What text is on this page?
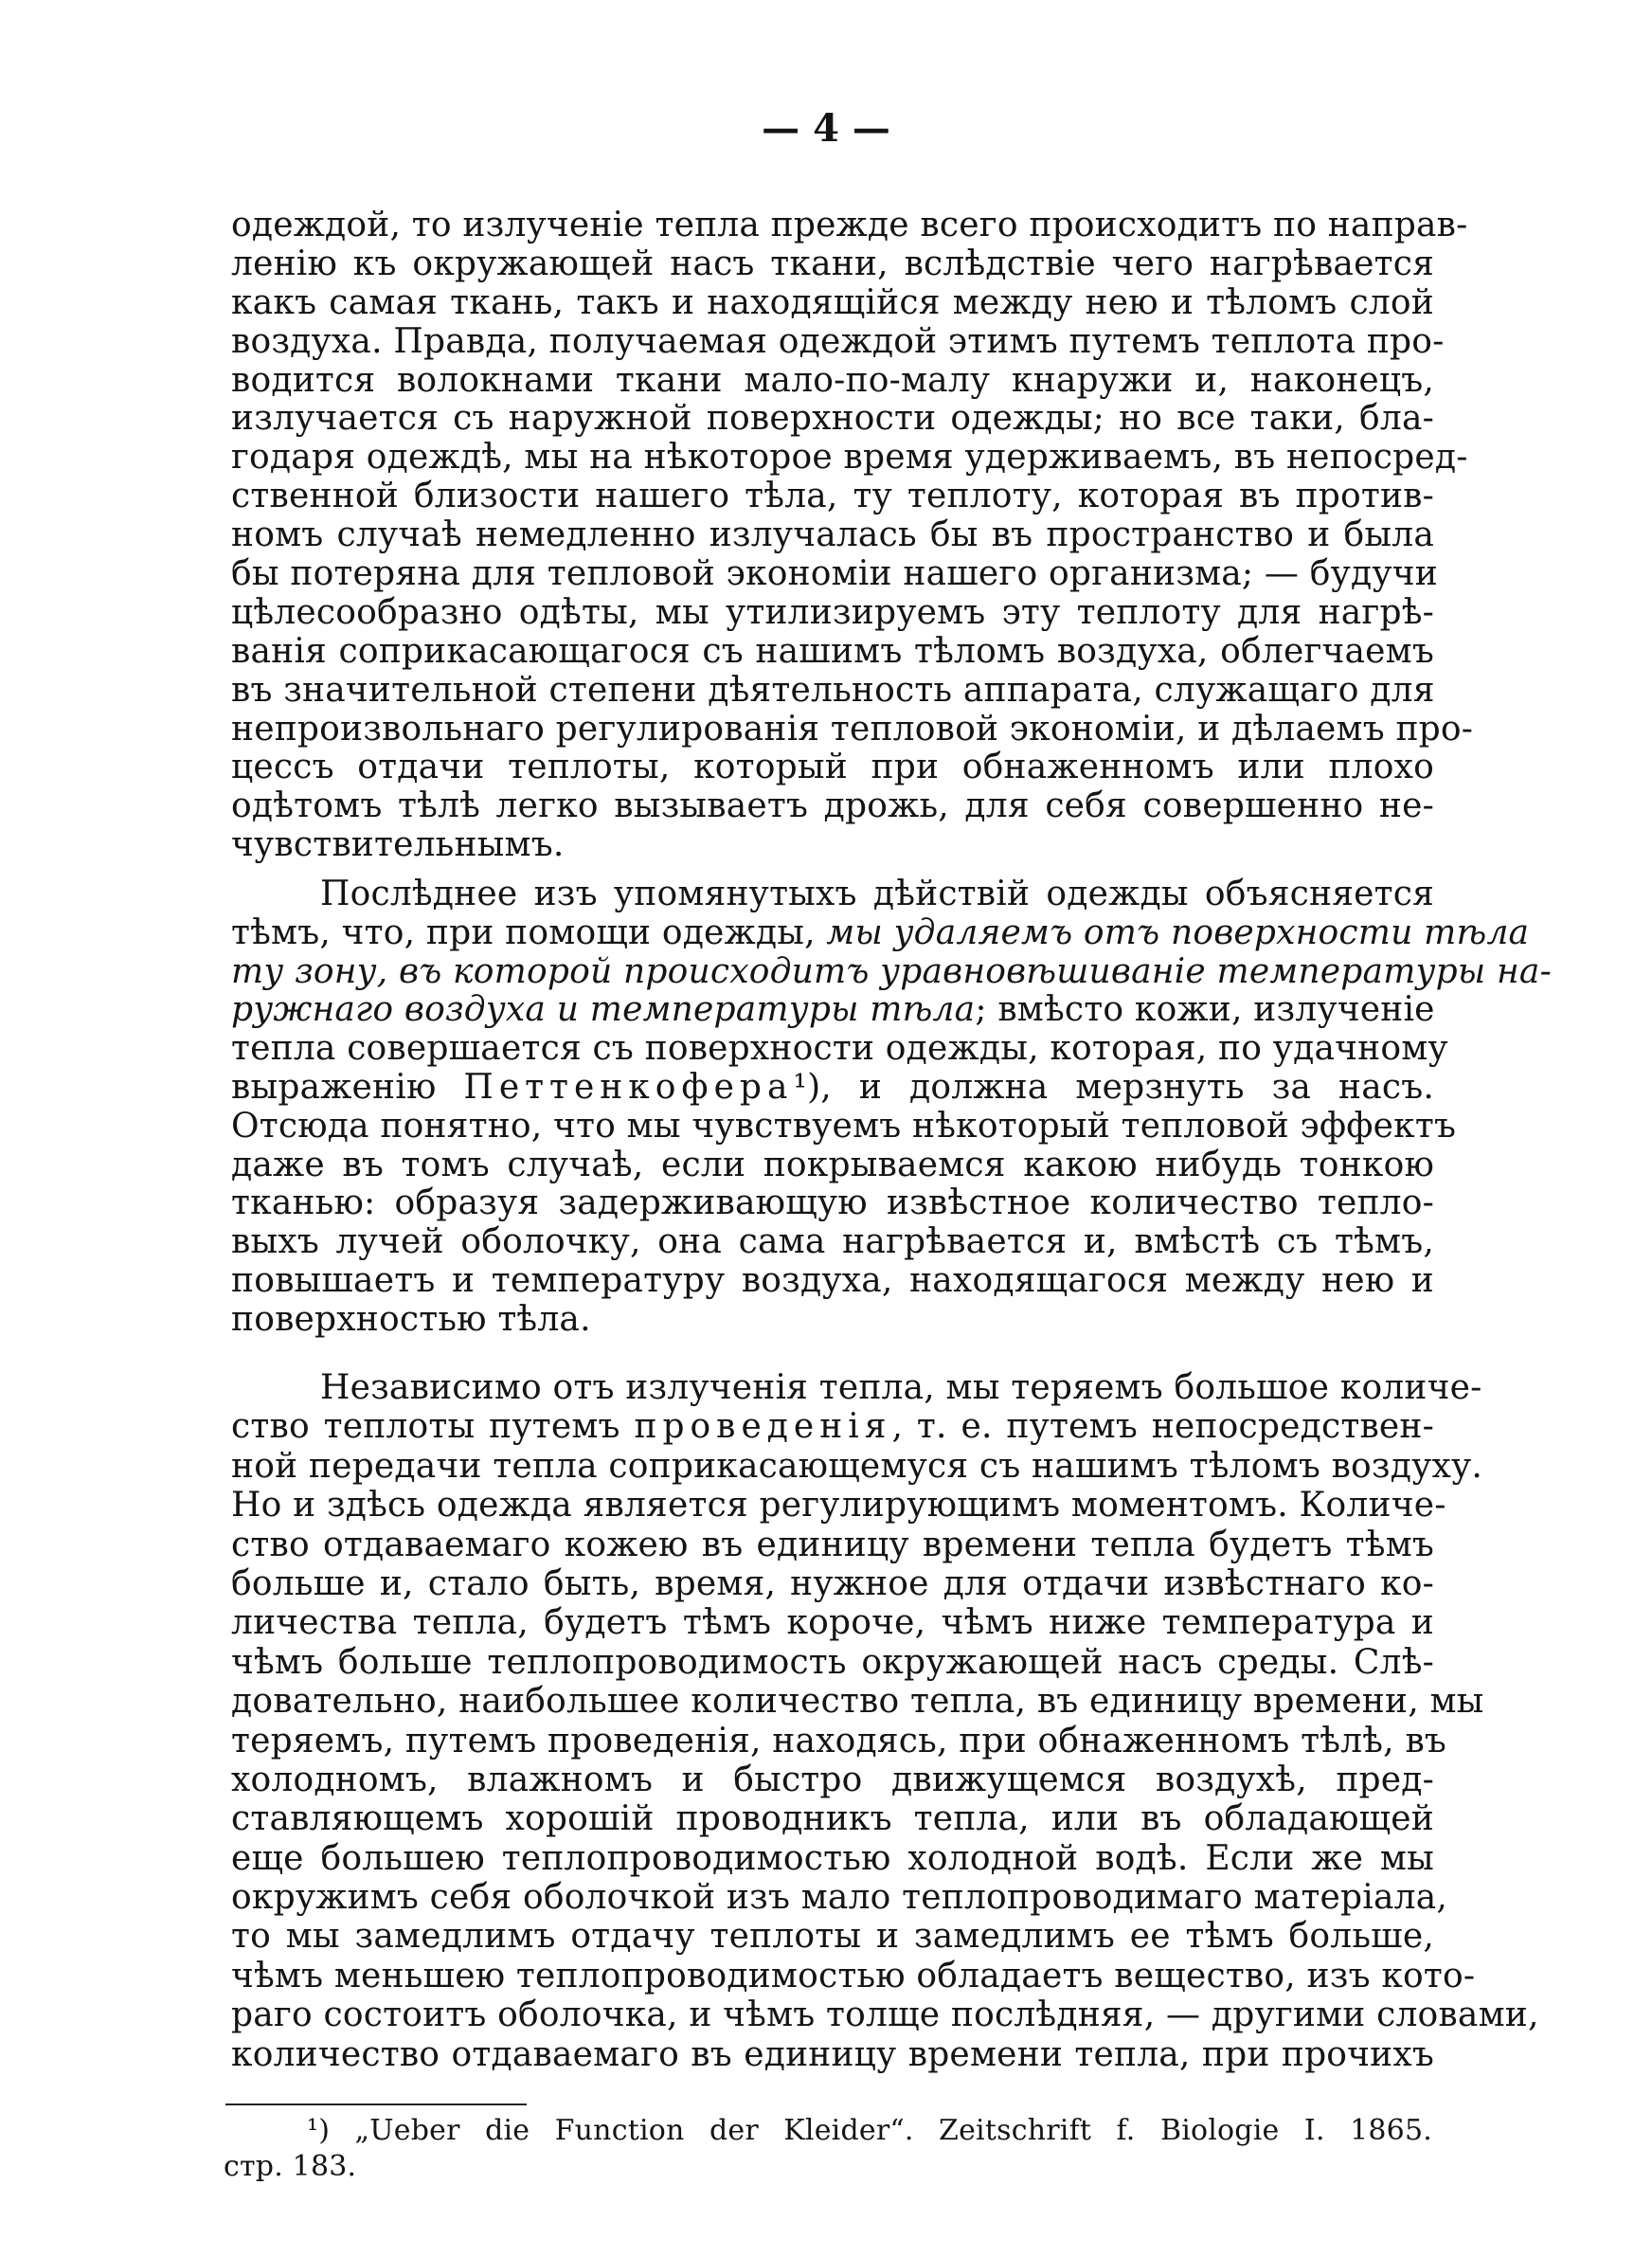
— 4 —
одеждой, то излученіе тепла прежде всего происходитъ по направ-
ленію къ окружающей насъ ткани, вслѣдствіе чего нагрѣвается
какъ самая ткань, такъ и находящійся между нею и тѣломъ слой
воздуха. Правда, получаемая одеждой этимъ путемъ теплота про-
водится волокнами ткани мало-по-малу кнаружи и, наконецъ,
излучается съ наружной поверхности одежды; но все таки, бла-
годаря одеждѣ, мы на нѣкоторое время удерживаемъ, въ непосред-
ственной близости нашего тѣла, ту теплоту, которая въ против-
номъ случаѣ немедленно излучалась бы въ пространство и была
бы потеряна для тепловой экономіи нашего организма; — будучи
цѣлесообразно одѣты, мы утилизируемъ эту теплоту для нагрѣ-
ванія соприкасающагося съ нашимъ тѣломъ воздуха, облегчаемъ
въ значительной степени дѣятельность аппарата, служащаго для
непроизвольнаго регулированія тепловой экономіи, и дѣлаемъ про-
цессъ отдачи теплоты, который при обнаженномъ или плохо
одѣтомъ тѣлѣ легко вызываетъ дрожь, для себя совершенно не-
чувствительнымъ.
Послѣднее изъ упомянутыхъ дѣйствій одежды объясняется
тѣмъ, что, при помощи одежды, мы удаляемъ отъ поверхности тѣла
ту зону, въ которой происходитъ уравновѣшиваніе температуры на-
ружнаго воздуха и температуры тѣла; вмѣсто кожи, излученіе
тепла совершается съ поверхности одежды, которая, по удачному
выраженію Петтенкофера¹), и должна мерзнуть за насъ.
Отсюда понятно, что мы чувствуемъ нѣкоторый тепловой эффектъ
даже въ томъ случаѣ, если покрываемся какою нибудь тонкою
тканью: образуя задерживающую извѣстное количество тепло-
выхъ лучей оболочку, она сама нагрѣвается и, вмѣстѣ съ тѣмъ,
повышаетъ и температуру воздуха, находящагося между нею и
поверхностью тѣла.
Независимо отъ излученія тепла, мы теряемъ большое количе-
ство теплоты путемъ проведенія, т. е. путемъ непосредствен-
ной передачи тепла соприкасающемуся съ нашимъ тѣломъ воздуху.
Но и здѣсь одежда является регулирующимъ моментомъ. Количе-
ство отдаваемаго кожею въ единицу времени тепла будетъ тѣмъ
больше и, стало быть, время, нужное для отдачи извѣстнаго ко-
личества тепла, будетъ тѣмъ короче, чѣмъ ниже температура и
чѣмъ больше теплопроводимость окружающей насъ среды. Слѣ-
довательно, наибольшее количество тепла, въ единицу времени, мы
теряемъ, путемъ проведенія, находясь, при обнаженномъ тѣлѣ, въ
холодномъ, влажномъ и быстро движущемся воздухѣ, пред-
ставляющемъ хорошій проводникъ тепла, или въ обладающей
еще большею теплопроводимостью холодной водѣ. Если же мы
окружимъ себя оболочкой изъ мало теплопроводимаго матеріала,
то мы замедлимъ отдачу теплоты и замедлимъ ее тѣмъ больше,
чѣмъ меньшею теплопроводимостью обладаетъ вещество, изъ кото-
раго состоитъ оболочка, и чѣмъ толще послѣдняя, — другими словами,
количество отдаваемаго въ единицу времени тепла, при прочихъ
¹) „Ueber die Function der Kleider“. Zeitschrift f. Biologie I. 1865.
стр. 183.
